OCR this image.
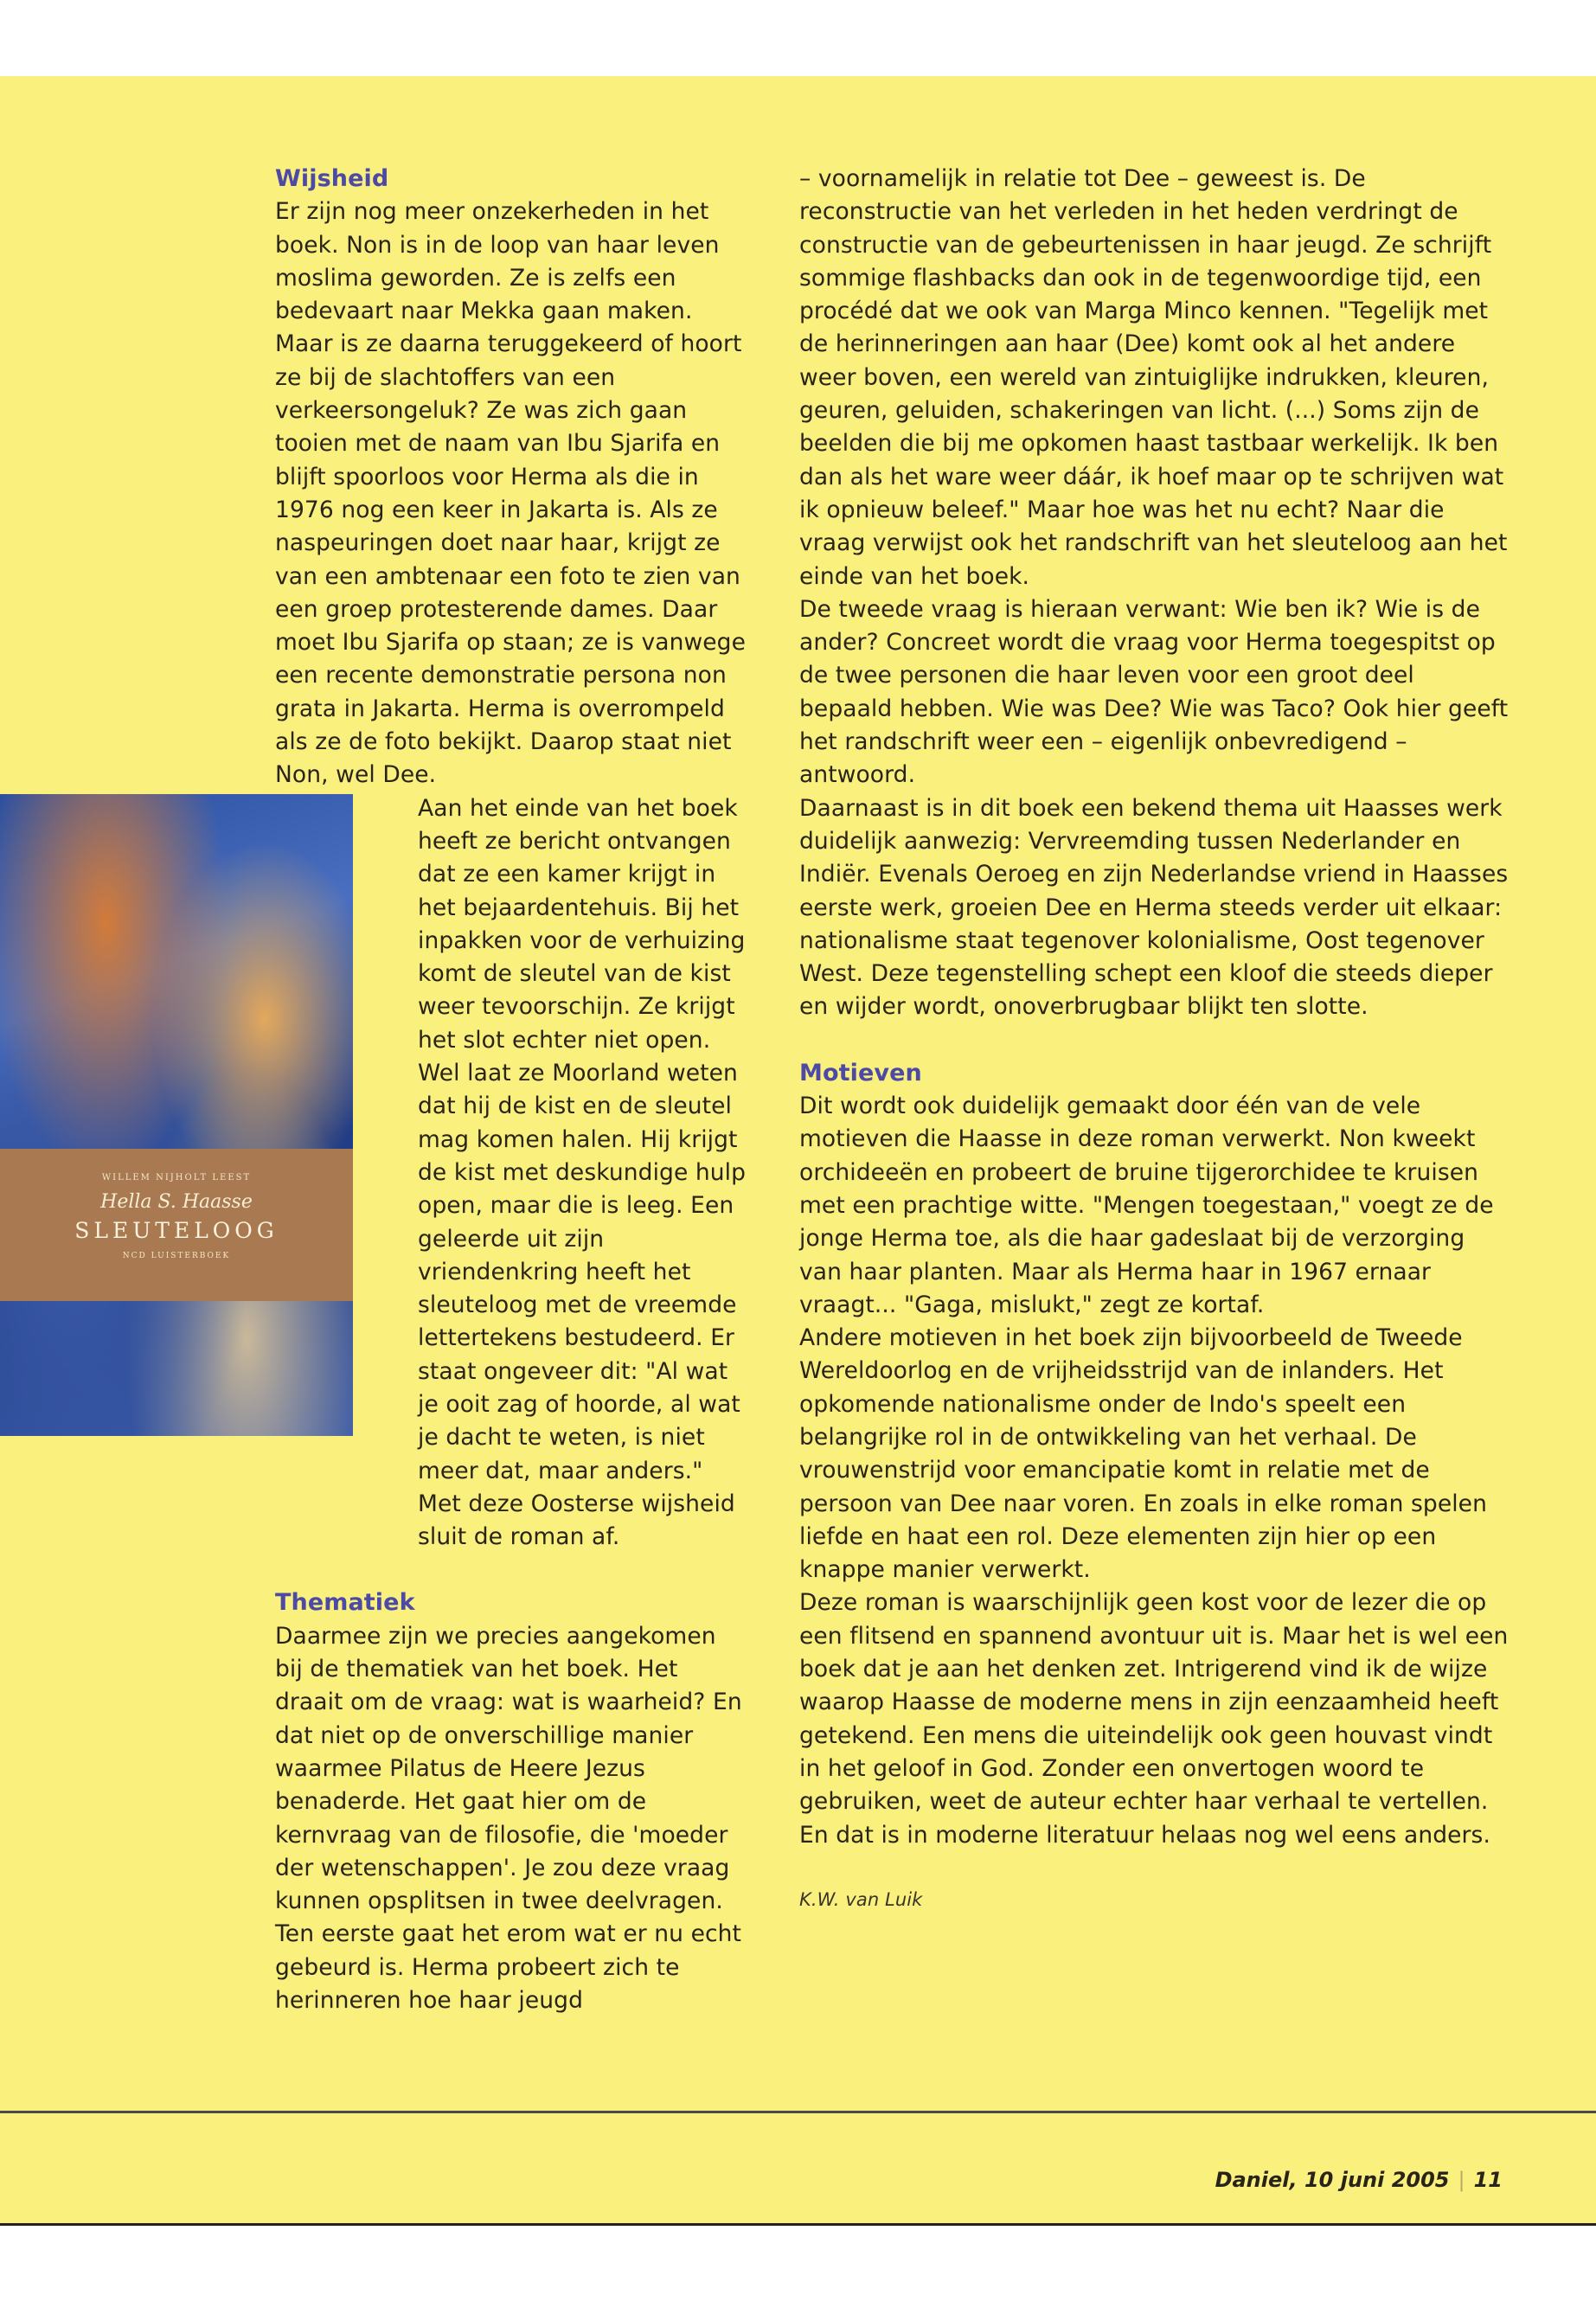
WILLEM NIJHOLT LEEST
Hella S. Haasse
SLEUTELOOG
NCD LUISTERBOEK
Wijsheid

Er zijn nog meer onzekerheden in het boek. Non is in de loop van haar leven moslima geworden. Ze is zelfs een bedevaart naar Mekka gaan maken. Maar is ze daarna teruggekeerd of hoort ze bij de slachtoffers van een verkeersongeluk? Ze was zich gaan tooien met de naam van Ibu Sjarifa en blijft spoorloos voor Herma als die in 1976 nog een keer in Jakarta is. Als ze naspeuringen doet naar haar, krijgt ze van een ambtenaar een foto te zien van een groep protesterende dames. Daar moet Ibu Sjarifa op staan; ze is vanwege een recente demonstratie persona non grata in Jakarta. Herma is overrompeld als ze de foto bekijkt. Daarop staat niet Non, wel Dee.

Aan het einde van het boek heeft ze bericht ontvangen dat ze een kamer krijgt in het bejaardentehuis. Bij het inpakken voor de verhuizing komt de sleutel van de kist weer tevoorschijn. Ze krijgt het slot echter niet open. Wel laat ze Moorland weten dat hij de kist en de sleutel mag komen halen. Hij krijgt de kist met deskundige hulp open, maar die is leeg. Een geleerde uit zijn vriendenkring heeft het sleuteloog met de vreemde lettertekens bestudeerd. Er staat ongeveer dit: "Al wat je ooit zag of hoorde, al wat je dacht te weten, is niet meer dat, maar anders." Met deze Oosterse wijsheid sluit de roman af.

Thematiek

Daarmee zijn we precies aangekomen bij de thematiek van het boek. Het draait om de vraag: wat is waarheid? En dat niet op de onverschillige manier waarmee Pilatus de Heere Jezus benaderde. Het gaat hier om de kernvraag van de filosofie, die 'moeder der wetenschappen'. Je zou deze vraag kunnen opsplitsen in twee deelvragen. Ten eerste gaat het erom wat er nu echt gebeurd is. Herma probeert zich te herinneren hoe haar jeugd

– voornamelijk in relatie tot Dee – geweest is. De reconstructie van het verleden in het heden verdringt de constructie van de gebeurtenissen in haar jeugd. Ze schrijft sommige flashbacks dan ook in de tegenwoordige tijd, een procédé dat we ook van Marga Minco kennen. "Tegelijk met de herinneringen aan haar (Dee) komt ook al het andere weer boven, een wereld van zintuiglijke indrukken, kleuren, geuren, geluiden, schakeringen van licht. (...) Soms zijn de beelden die bij me opkomen haast tastbaar werkelijk. Ik ben dan als het ware weer dáár, ik hoef maar op te schrijven wat ik opnieuw beleef." Maar hoe was het nu echt? Naar die vraag verwijst ook het randschrift van het sleuteloog aan het einde van het boek.

De tweede vraag is hieraan verwant: Wie ben ik? Wie is de ander? Concreet wordt die vraag voor Herma toegespitst op de twee personen die haar leven voor een groot deel bepaald hebben. Wie was Dee? Wie was Taco? Ook hier geeft het randschrift weer een – eigenlijk onbevredigend – antwoord.

Daarnaast is in dit boek een bekend thema uit Haasses werk duidelijk aanwezig: Vervreemding tussen Nederlander en Indiër. Evenals Oeroeg en zijn Nederlandse vriend in Haasses eerste werk, groeien Dee en Herma steeds verder uit elkaar: nationalisme staat tegenover kolonialisme, Oost tegenover West. Deze tegenstelling schept een kloof die steeds dieper en wijder wordt, onoverbrugbaar blijkt ten slotte.

Motieven

Dit wordt ook duidelijk gemaakt door één van de vele motieven die Haasse in deze roman verwerkt. Non kweekt orchideeën en probeert de bruine tijgerorchidee te kruisen met een prachtige witte. "Mengen toegestaan," voegt ze de jonge Herma toe, als die haar gadeslaat bij de verzorging van haar planten. Maar als Herma haar in 1967 ernaar vraagt... "Gaga, mislukt," zegt ze kortaf.

Andere motieven in het boek zijn bijvoorbeeld de Tweede Wereldoorlog en de vrijheidsstrijd van de inlanders. Het opkomende nationalisme onder de Indo's speelt een belangrijke rol in de ontwikkeling van het verhaal. De vrouwenstrijd voor emancipatie komt in relatie met de persoon van Dee naar voren. En zoals in elke roman spelen liefde en haat een rol. Deze elementen zijn hier op een knappe manier verwerkt.

Deze roman is waarschijnlijk geen kost voor de lezer die op een flitsend en spannend avontuur uit is. Maar het is wel een boek dat je aan het denken zet. Intrigerend vind ik de wijze waarop Haasse de moderne mens in zijn eenzaamheid heeft getekend. Een mens die uiteindelijk ook geen houvast vindt in het geloof in God. Zonder een onvertogen woord te gebruiken, weet de auteur echter haar verhaal te vertellen. En dat is in moderne literatuur helaas nog wel eens anders.

K.W. van Luik
Daniel, 10 juni 2005 | 11
